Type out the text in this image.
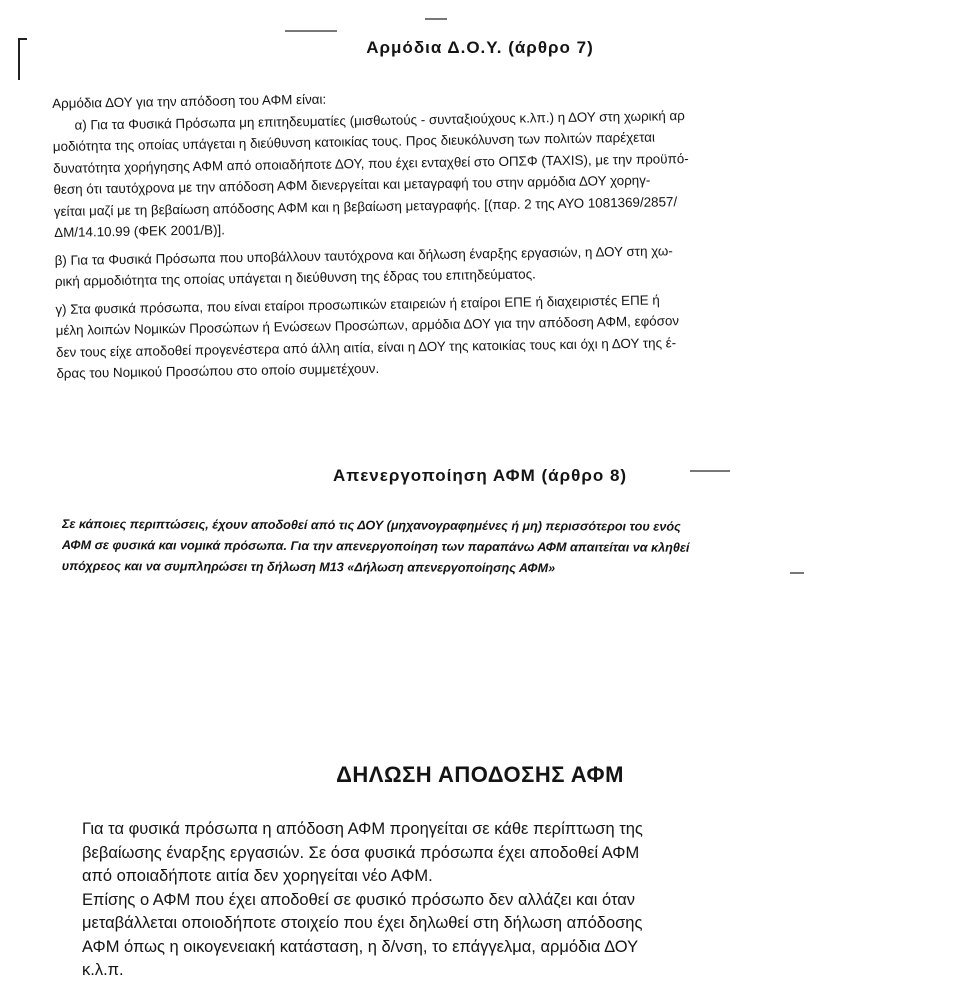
Αρμόδια Δ.Ο.Υ. (άρθρο 7)
Αρμόδια ΔΟΥ για την απόδοση του ΑΦΜ είναι:
α) Για τα Φυσικά Πρόσωπα μη επιτηδευματίες (μισθωτούς - συνταξιούχους κ.λπ.) η ΔΟΥ στη χωρική αρ
μοδιότητα της οποίας υπάγεται η διεύθυνση κατοικίας τους. Προς διευκόλυνση των πολιτών παρέχεται
δυνατότητα χορήγησης ΑΦΜ από οποιαδήποτε ΔΟΥ, που έχει ενταχθεί στο ΟΠΣΦ (TAXIS), με την προϋπό-
θεση ότι ταυτόχρονα με την απόδοση ΑΦΜ διενεργείται και μεταγραφή του στην αρμόδια ΔΟΥ χορηγ-
γείται μαζί με τη βεβαίωση απόδοσης ΑΦΜ και η βεβαίωση μεταγραφής. [(παρ. 2 της ΑΥΟ 1081369/2857/
ΔΜ/14.10.99 (ΦΕΚ 2001/Β)].
β) Για τα Φυσικά Πρόσωπα που υποβάλλουν ταυτόχρονα και δήλωση έναρξης εργασιών, η ΔΟΥ στη χω-
ρική αρμοδιότητα της οποίας υπάγεται η διεύθυνση της έδρας του επιτηδεύματος.
γ) Στα φυσικά πρόσωπα, που είναι εταίροι προσωπικών εταιρειών ή εταίροι ΕΠΕ ή διαχειριστές ΕΠΕ ή
μέλη λοιπών Νομικών Προσώπων ή Ενώσεων Προσώπων, αρμόδια ΔΟΥ για την απόδοση ΑΦΜ, εφόσον
δεν τους είχε αποδοθεί προγενέστερα από άλλη αιτία, είναι η ΔΟΥ της κατοικίας τους και όχι η ΔΟΥ της έ-
δρας του Νομικού Προσώπου στο οποίο συμμετέχουν.
Απενεργοποίηση ΑΦΜ (άρθρο 8)
Σε κάποιες περιπτώσεις, έχουν αποδοθεί από τις ΔΟΥ (μηχανογραφημένες ή μη) περισσότεροι του ενός
ΑΦΜ σε φυσικά και νομικά πρόσωπα. Για την απενεργοποίηση των παραπάνω ΑΦΜ απαιτείται να κληθεί
υπόχρεος και να συμπληρώσει τη δήλωση Μ13 «Δήλωση απενεργοποίησης ΑΦΜ»
ΔΗΛΩΣΗ ΑΠΟΔΟΣΗΣ ΑΦΜ
Για τα φυσικά πρόσωπα η απόδοση ΑΦΜ προηγείται σε κάθε περίπτωση της
βεβαίωσης έναρξης εργασιών. Σε όσα φυσικά πρόσωπα έχει αποδοθεί ΑΦΜ
από οποιαδήποτε αιτία δεν χορηγείται νέο ΑΦΜ.
Επίσης ο ΑΦΜ που έχει αποδοθεί σε φυσικό πρόσωπο δεν αλλάζει και όταν
μεταβάλλεται οποιοδήποτε στοιχείο που έχει δηλωθεί στη δήλωση απόδοσης
ΑΦΜ όπως η οικογενειακή κατάσταση, η δ/νση, το επάγγελμα, αρμόδια ΔΟΥ
κ.λ.π.
